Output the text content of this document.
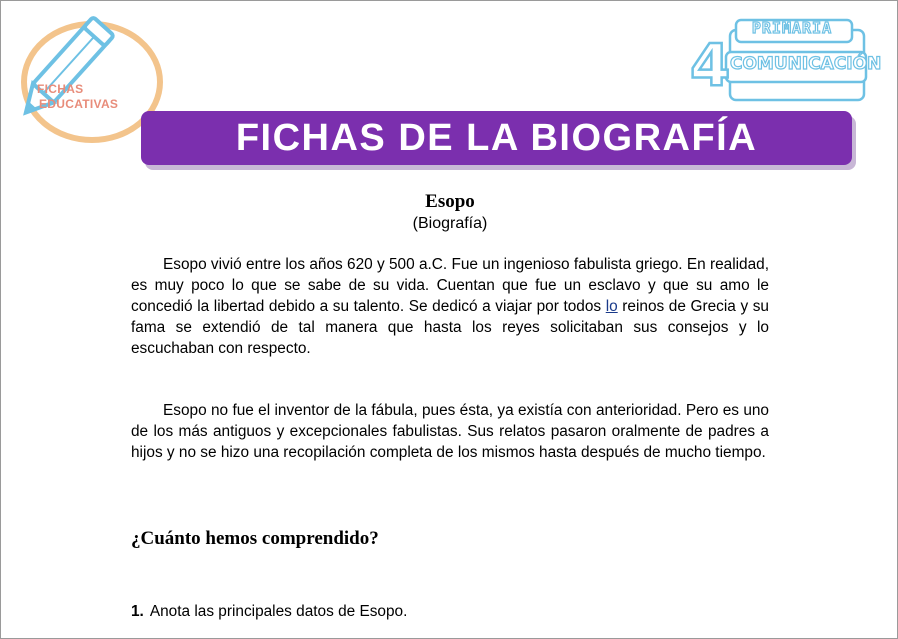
FICHAS
EDUCATIVAS
PRIMARIA
4 COMUNICACIÓN
FICHAS DE LA BIOGRAFÍA

Esopo

(Biografía)

Esopo vivió entre los años 620 y 500 a.C. Fue un ingenioso fabulista griego. En realidad, es muy poco lo que se sabe de su vida. Cuentan que fue un esclavo y que su amo le concedió la libertad debido a su talento. Se dedicó a viajar por todos lo reinos de Grecia y su fama se extendió de tal manera que hasta los reyes solicitaban sus consejos y lo escuchaban con respecto.

Esopo no fue el inventor de la fábula, pues ésta, ya existía con anterioridad. Pero es uno de los más antiguos y excepcionales fabulistas. Sus relatos pasaron oralmente de padres a hijos y no se hizo una recopilación completa de los mismos hasta después de mucho tiempo.

¿Cuánto hemos comprendido?

1. Anota las principales datos de Esopo.
